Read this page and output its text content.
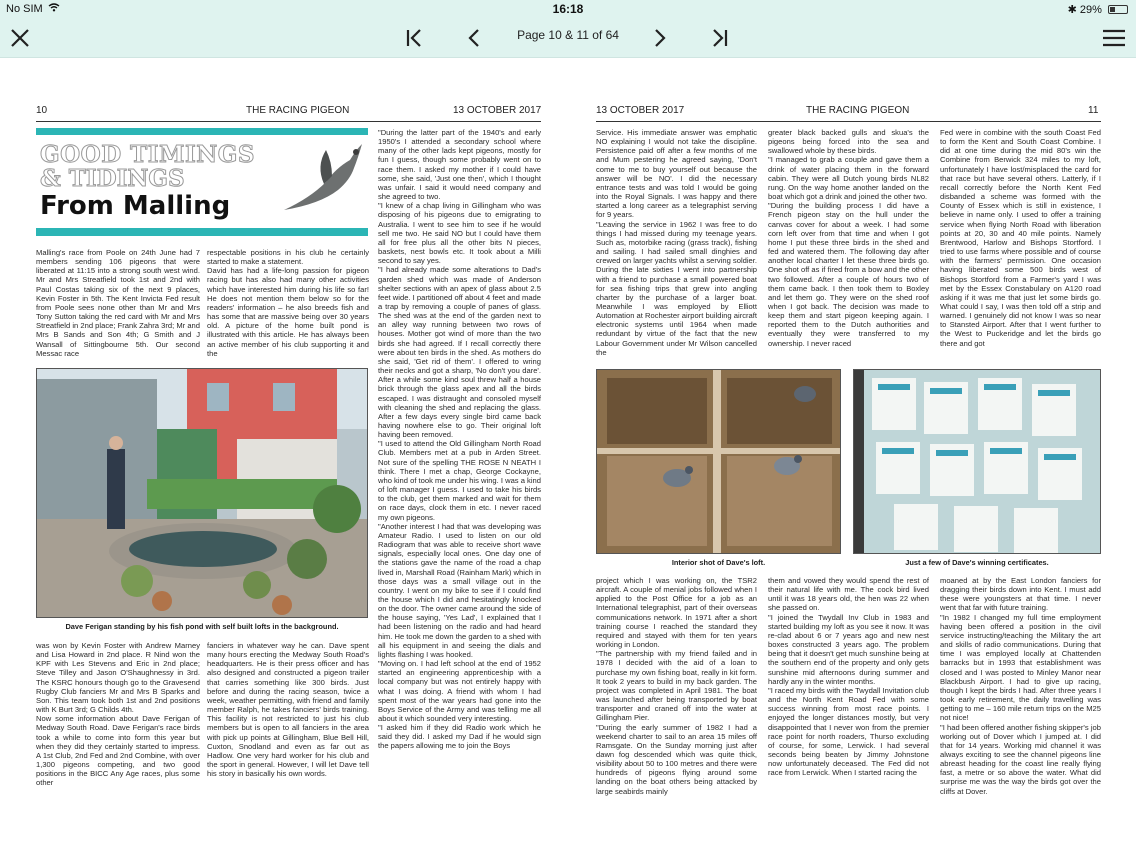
No SIM	16:18	✱ 29%
Page 10 & 11 of 64
10	THE RACING PIGEON	13 OCTOBER 2017
GOOD TIMINGS
& TIDINGS
From Malling
Malling's race from Poole on 24th June had 7 members sending 106 pigeons that were liberated at 11:15 into a strong south west wind. Mr and Mrs Streatfield took 1st and 2nd with Paul Costas taking six of the next 9 places, Kevin Foster in 5th. The Kent Invicta Fed result from Poole sees none other than Mr and Mrs Tony Sutton taking the red card with Mr and Mrs Streatfield in 2nd place; Frank Zahra 3rd; Mr and Mrs B Sands and Son 4th; G Smith and J Wansall of Sittingbourne 5th. Our second Messac race
respectable positions in his club he certainly started to make a statement.
David has had a life-long passion for pigeon racing but has also had many other activities which have interested him during his life so far! He does not mention them below so for the readers' information – he also breeds fish and has some that are massive being over 30 years old. A picture of the home built pond is illustrated with this article. He has always been an active member of his club supporting it and the
Dave Ferigan standing by his fish pond with self built lofts in the background.
was won by Kevin Foster with Andrew Marney and Lisa Howard in 2nd place. R Nind won the KPF with Les Stevens and Eric in 2nd place; Steve Tilley and Jason O'Shaughnessy in 3rd. The KSRC honours though go to the Gravesend Rugby Club fanciers Mr and Mrs B Sparks and Son. This team took both 1st and 2nd positions with K Burt 3rd; G Childs 4th.
Now some information about Dave Ferigan of Medway South Road. Dave Ferigan's race birds took a while to come into form this year but when they did they certainly started to impress. A 1st Club, 2nd Fed and 2nd Combine, with over 1,300 pigeons competing, and two good positions in the BICC Any Age races, plus some other
fanciers in whatever way he can. Dave spent many hours erecting the Medway South Road's headquarters. He is their press officer and has also designed and constructed a pigeon trailer that carries something like 300 birds. Just before and during the racing season, twice a week, weather permitting, with friend and family member Ralph, he takes fanciers' birds training. This facility is not restricted to just his club members but is open to all fanciers in the area with pick up points at Gillingham, Blue Bell Hill, Cuxton, Snodland and even as far out as Hadlow. One very hard worker for his club and the sport in general. However, I will let Dave tell his story in basically his own words.
"During the latter part of the 1940's and early 1950's I attended a secondary school where many of the other lads kept pigeons, mostly for fun I guess, though some probably went on to race them. I asked my mother if I could have some, she said, 'Just one then', which I thought was unfair. I said it would need company and she agreed to two.
"I knew of a chap living in Gillingham who was disposing of his pigeons due to emigrating to Australia. I went to see him to see if he would sell me two. He said NO but I could have them all for free plus all the other bits N pieces, baskets, nest bowls etc. It took about a Milli second to say yes.
"I had already made some alterations to Dad's garden shed which was made of Anderson shelter sections with an apex of glass about 2.5 feet wide. I partitioned off about 4 feet and made a trap by removing a couple of panes of glass. The shed was at the end of the garden next to an alley way running between two rows of houses. Mother got wind of more than the two birds she had agreed. If I recall correctly there were about ten birds in the shed. As mothers do she said, 'Get rid of them'. I offered to wring their necks and got a sharp, 'No don't you dare'. After a while some kind soul threw half a house brick through the glass apex and all the birds escaped. I was distraught and consoled myself with cleaning the shed and replacing the glass. After a few days every single bird came back having nowhere else to go. Their original loft having been removed.
"I used to attend the Old Gillingham North Road Club. Members met at a pub in Arden Street. Not sure of the spelling THE ROSE N NEATH I think. There I met a chap, George Cockayne, who kind of took me under his wing. I was a kind of loft manager I guess. I used to take his birds to the club, get them marked and wait for them on race days, clock them in etc. I never raced my own pigeons.
"Another interest I had that was developing was Amateur Radio. I used to listen on our old Radiogram that was able to receive short wave signals, especially local ones. One day one of the stations gave the name of the road a chap lived in, Marshall Road (Rainham Mark) which in those days was a small village out in the country. I went on my bike to see if I could find the house which I did and hesitatingly knocked on the door. The owner came around the side of the house saying, 'Yes Lad', I explained that I had been listening on the radio and had heard him. He took me down the garden to a shed with all his equipment in and seeing the dials and lights flashing I was hooked.
"Moving on. I had left school at the end of 1952 started an engineering apprenticeship with a local company but was not entirely happy with what I was doing. A friend with whom I had spent most of the war years had gone into the Boys Service of the Army and was telling me all about it which sounded very interesting.
"I asked him if they did Radio work which he said they did. I asked my Dad if he would sign the papers allowing me to join the Boys
13 OCTOBER 2017	THE RACING PIGEON	11
Service. His immediate answer was emphatic NO explaining I would not take the discipline. Persistence paid off after a few months of me and Mum pestering he agreed saying, 'Don't come to me to buy yourself out because the answer will be NO'. I did the necessary entrance tests and was told I would be going into the Royal Signals. I was happy and there started a long career as a telegraphist serving for 9 years.
"Leaving the service in 1962 I was free to do things I had missed during my teenage years. Such as, motorbike racing (grass track), fishing and sailing. I had sailed small dinghies and crewed on larger yachts whilst a serving soldier. During the late sixties I went into partnership with a friend to purchase a small powered boat for sea fishing trips that grew into angling charter by the purchase of a larger boat. Meanwhile I was employed by Elliott Automation at Rochester airport building aircraft electronic systems until 1964 when made redundant by virtue of the fact that the new Labour Government under Mr Wilson cancelled the
greater black backed gulls and skua's the pigeons being forced into the sea and swallowed whole by these birds.
"I managed to grab a couple and gave them a drink of water placing them in the forward cabin. They were all Dutch young birds NL82 rung. On the way home another landed on the boat which got a drink and joined the other two.
"During the building process I did have a French pigeon stay on the hull under the canvas cover for about a week. I had some corn left over from that time and when I got home I put these three birds in the shed and fed and watered them. The following day after another local charter I let these three birds go. One shot off as if fired from a bow and the other two followed. After a couple of hours two of them came back. I then took them to Boxley and let them go. They were on the shed roof when I got back. The decision was made to keep them and start pigeon keeping again. I reported them to the Dutch authorities and eventually they were transferred to my ownership. I never raced
Fed were in combine with the south Coast Fed to form the Kent and South Coast Combine. I did at one time during the mid 80's win the Combine from Berwick 324 miles to my loft, unfortunately I have lost/misplaced the card for that race but have several others. Latterly, if I recall correctly before the North Kent Fed disbanded a scheme was formed with the County of Essex which is still in existence, I believe in name only. I used to offer a training service when flying North Road with liberation points at 20, 30 and 40 mile points. Namely Brentwood, Harlow and Bishops Stortford. I tried to use farms where possible and of course with the farmers' permission. One occasion having liberated some 500 birds west of Bishops Stortford from a Farmer's yard I was met by the Essex Constabulary on A120 road asking if it was me that just let some birds go. What could I say, I was then told off a strip and warned. I genuinely did not know I was so near to Stansted Airport. After that I went further to the West to Puckeridge and let the birds go there and got
Interior shot of Dave's loft.	Just a few of Dave's winning certificates.
project which I was working on, the TSR2 aircraft. A couple of menial jobs followed when I applied to the Post Office for a job as an International telegraphist, part of their overseas communications network. In 1971 after a short training course I reached the standard they required and stayed with them for ten years working in London.
"The partnership with my friend failed and in 1978 I decided with the aid of a loan to purchase my own fishing boat, really in kit form. It took 2 years to build in my back garden. The project was completed in April 1981. The boat was launched after being transported by boat transporter and craned off into the water at Gillingham Pier.
"During the early summer of 1982 I had a weekend charter to sail to an area 15 miles off Ramsgate. On the Sunday morning just after dawn fog descended which was quite thick, visibility about 50 to 100 metres and there were hundreds of pigeons flying around some landing on the boat others being attacked by large seabirds mainly
them and vowed they would spend the rest of their natural life with me. The cock bird lived until it was 18 years old, the hen was 22 when she passed on.
"I joined the Twydall Inv Club in 1983 and started building my loft as you see it now. It was re-clad about 6 or 7 years ago and new nest boxes constructed 3 years ago. The problem being that it doesn't get much sunshine being at the southern end of the property and only gets sunshine mid afternoons during summer and hardly any in the winter months.
"I raced my birds with the Twydall Invitation club and the North Kent Road Fed with some success winning from most race points. I enjoyed the longer distances mostly, but very disappointed that I never won from the premier race point for north roaders, Thurso excluding of course, for some, Lerwick. I had several seconds being beaten by Jimmy Johnstone now unfortunately deceased. The Fed did not race from Lerwick. When I started racing the
moaned at by the East London fanciers for dragging their birds down into Kent. I must add these were youngsters at that time. I never went that far with future training.
"In 1982 I changed my full time employment having been offered a position in the civil service instructing/teaching the Military the art and skills of radio communications. During that time I was employed locally at Chattenden barracks but in 1993 that establishment was closed and I was posted to Minley Manor near Blackbush Airport. I had to give up racing, though I kept the birds I had. After three years I took early retirement, the daily travelling was getting to me – 160 mile return trips on the M25 not nice!
"I had been offered another fishing skipper's job working out of Dover which I jumped at. I did that for 14 years. Working mid channel it was always exciting to see the channel pigeons line abreast heading for the coast line really flying fast, a metre or so above the water. What did surprise me was the way the birds got over the cliffs at Dover.
